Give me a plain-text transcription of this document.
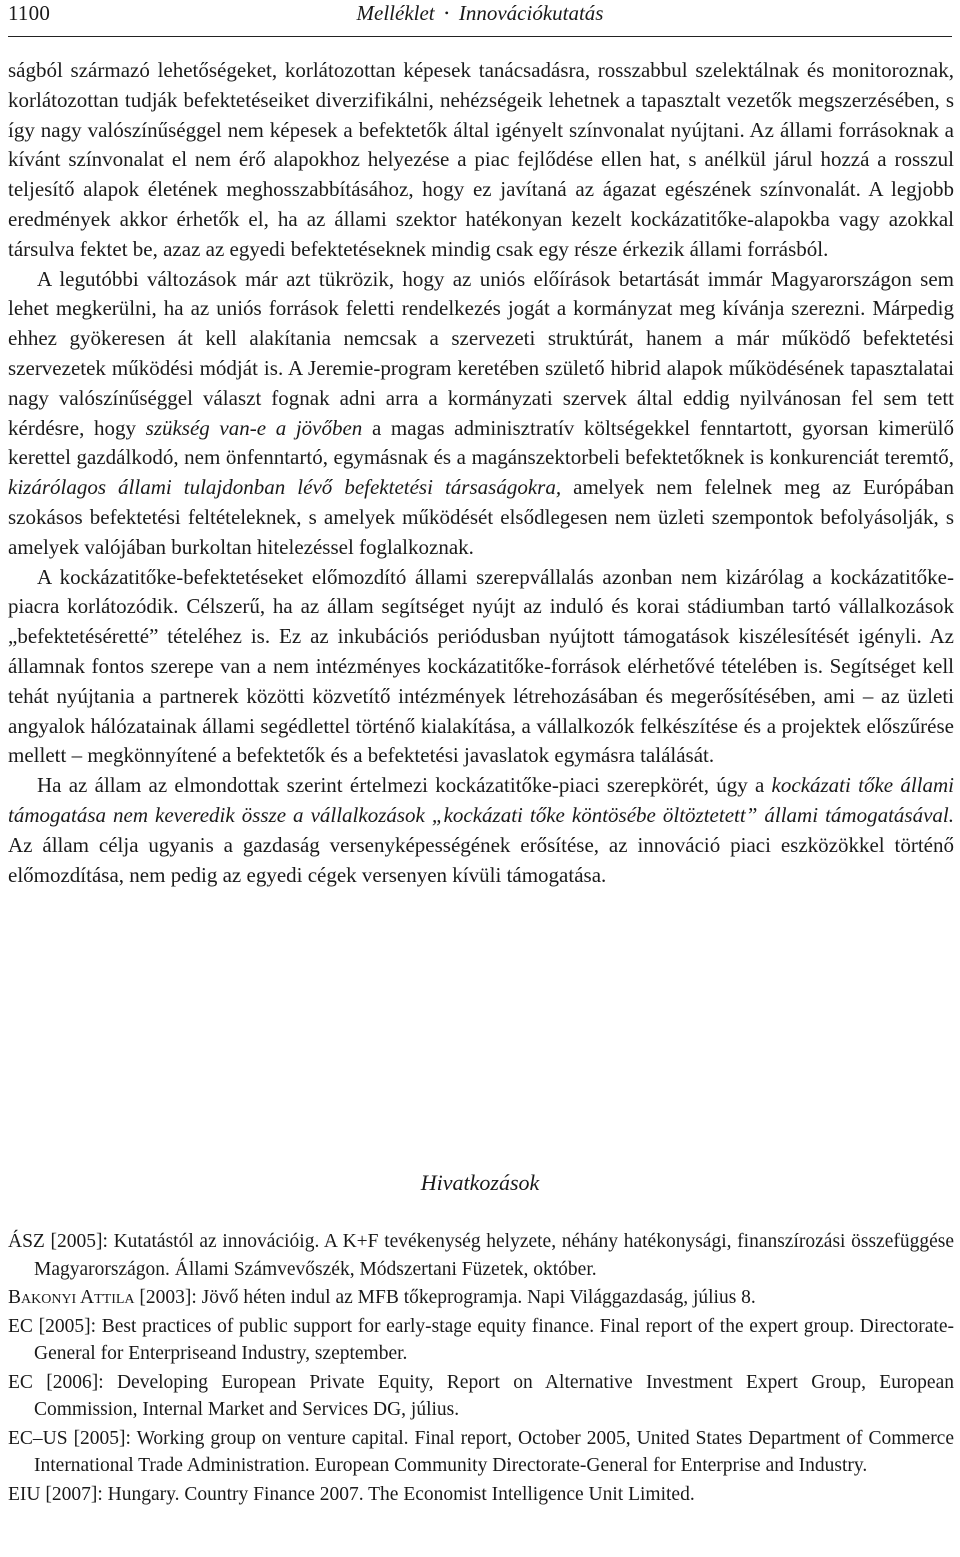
1100	Melléklet • Innovációkutatás

ságból származó lehetőségeket, korlátozottan képesek tanácsadásra, rosszabbul szelektálnak és monitoroznak, korlátozottan tudják befektetéseiket diverzifikálni, nehézségeik lehetnek a tapasztalt vezetők megszerzésében, s így nagy valószínűséggel nem képesek a befektetők által igényelt színvonalat nyújtani. Az állami forrásoknak a kívánt színvonalat el nem érő alapokhoz helyezése a piac fejlődése ellen hat, s anélkül járul hozzá a rosszul teljesítő alapok életének meghosszabbításához, hogy ez javítaná az ágazat egészének színvonalát. A legjobb eredmények akkor érhetők el, ha az állami szektor hatékonyan kezelt kockázatitőke-alapokba vagy azokkal társulva fektet be, azaz az egyedi befektetéseknek mindig csak egy része érkezik állami forrásból.

A legutóbbi változások már azt tükrözik, hogy az uniós előírások betartását immár Magyarországon sem lehet megkerülni, ha az uniós források feletti rendelkezés jogát a kormányzat meg kívánja szerezni. Márpedig ehhez gyökeresen át kell alakítania nemcsak a szervezeti struktúrát, hanem a már működő befektetési szervezetek működési módját is. A Jeremie-program keretében születő hibrid alapok működésének tapasztalatai nagy valószínűséggel választ fognak adni arra a kormányzati szervek által eddig nyilvánosan fel sem tett kérdésre, hogy szükség van-e a jövőben a magas adminisztratív költségekkel fenntartott, gyorsan kimerülő kerettel gazdálkodó, nem önfenntartó, egymásnak és a magánszektorbeli befektetőknek is konkurenciát teremtő, kizárólagos állami tulajdonban lévő befektetési társaságokra, amelyek nem felelnek meg az Európában szokásos befektetési feltételeknek, s amelyek működését elsődlegesen nem üzleti szempontok befolyásolják, s amelyek valójában burkoltan hitelezéssel foglalkoznak.

A kockázatitőke-befektetéseket előmozdító állami szerepvállalás azonban nem kizárólag a kockázatitőke-piacra korlátozódik. Célszerű, ha az állam segítséget nyújt az induló és korai stádiumban tartó vállalkozások „befektetéséretté” tételéhez is. Ez az inkubációs periódusban nyújtott támogatások kiszélesítését igényli. Az államnak fontos szerepe van a nem intézményes kockázatitőke-források elérhetővé tételében is. Segítséget kell tehát nyújtania a partnerek közötti közvetítő intézmények létrehozásában és megerősítésében, ami – az üzleti angyalok hálózatainak állami segédlettel történő kialakítása, a vállalkozók felkészítése és a projektek előszűrése mellett – megkönnyítené a befektetők és a befektetési javaslatok egymásra találását.

Ha az állam az elmondottak szerint értelmezi kockázatitőke-piaci szerepkörét, úgy a kockázati tőke állami támogatása nem keveredik össze a vállalkozások „kockázati tőke köntösébe öltöztetett” állami támogatásával. Az állam célja ugyanis a gazdaság versenyképességének erősítése, az innováció piaci eszközökkel történő előmozdítása, nem pedig az egyedi cégek versenyen kívüli támogatása.

Hivatkozások
ÁSZ [2005]: Kutatástól az innovációig. A K+F tevékenység helyzete, néhány hatékonysági, finanszírozási összefüggése Magyarországon. Állami Számvevőszék, Módszertani Füzetek, október.
Bakonyi Attila [2003]: Jövő héten indul az MFB tőkeprogramja. Napi Világgazdaság, július 8.
EC [2005]: Best practices of public support for early-stage equity finance. Final report of the expert group. Directorate-General for Enterpriseand Industry, szeptember.
EC [2006]: Developing European Private Equity, Report on Alternative Investment Expert Group, European Commission, Internal Market and Services DG, július.
EC–US [2005]: Working group on venture capital. Final report, October 2005, United States Department of Commerce International Trade Administration. European Community Directorate-General for Enterprise and Industry.
EIU [2007]: Hungary. Country Finance 2007. The Economist Intelligence Unit Limited.
